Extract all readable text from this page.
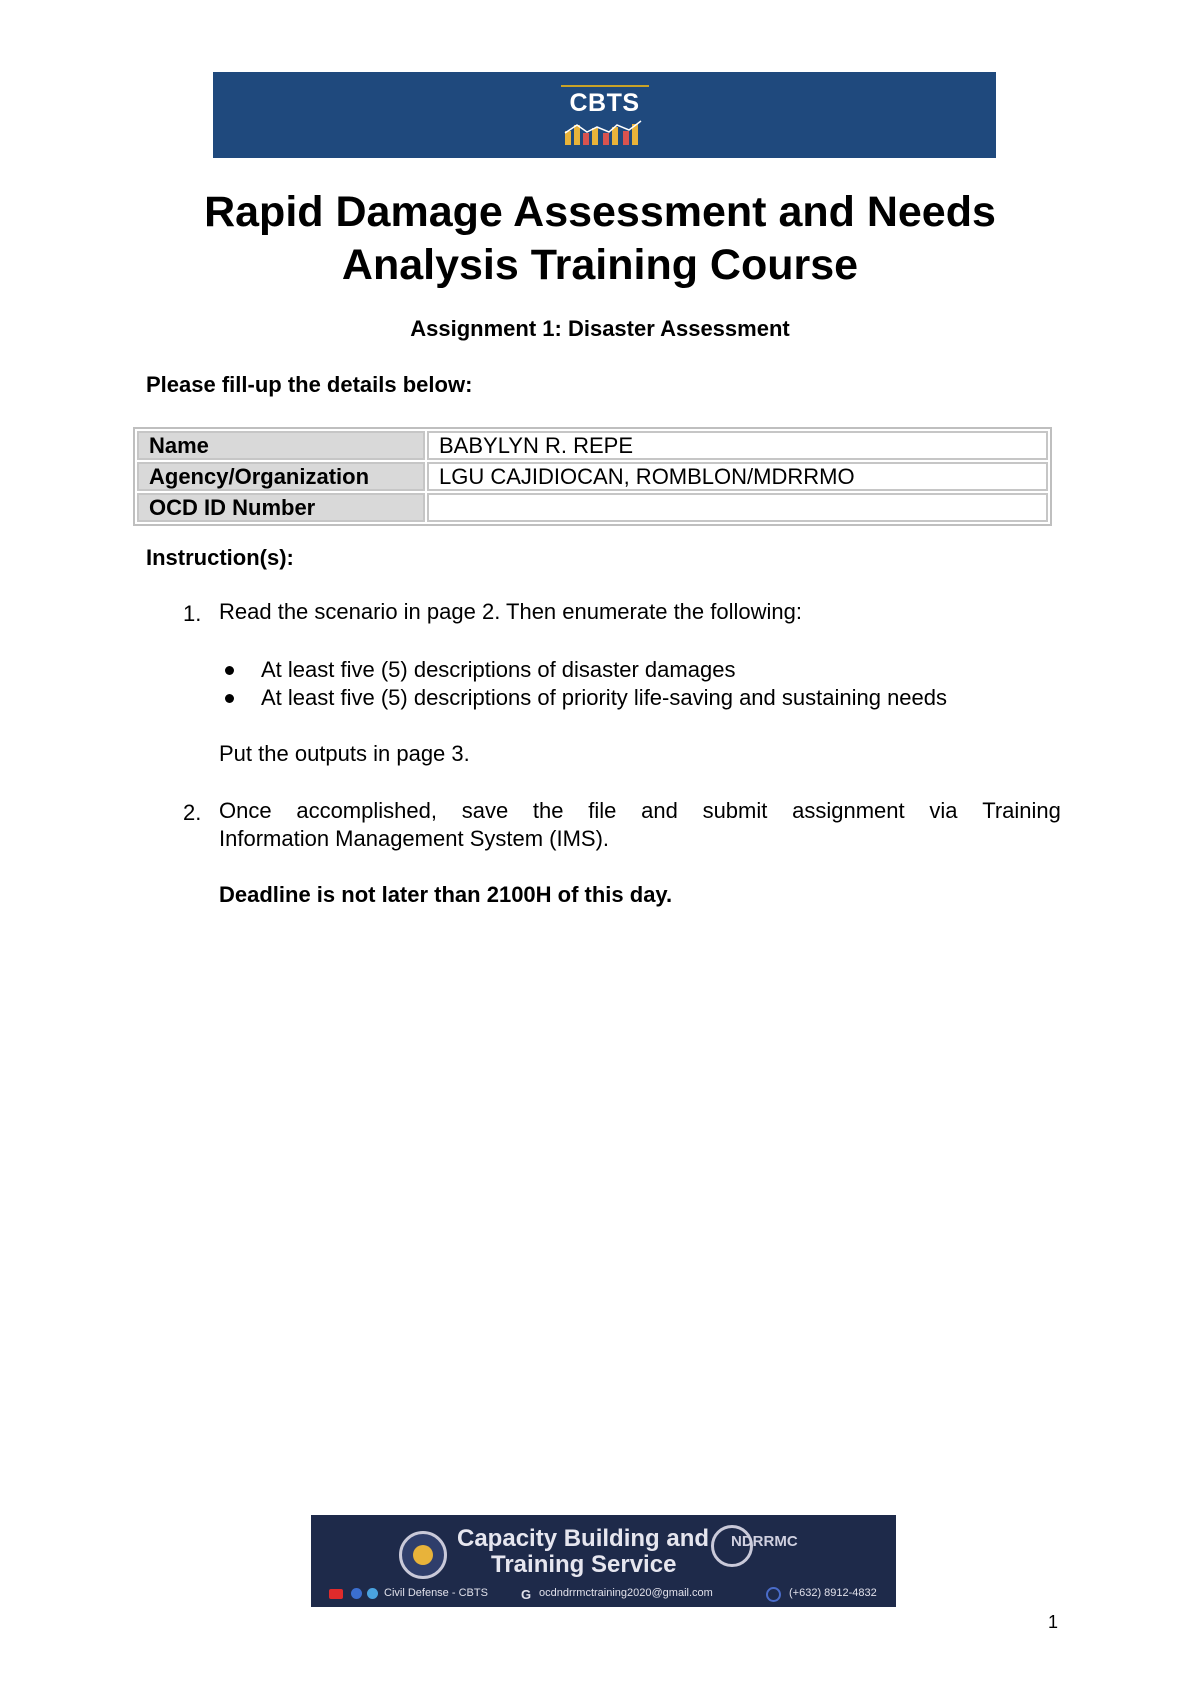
CBTS
Rapid Damage Assessment and Needs
Analysis Training Course
Assignment 1: Disaster Assessment
Please fill-up the details below:
Name	BABYLYN R. REPE
Agency/Organization	LGU CAJIDIOCAN, ROMBLON/MDRRMO
OCD ID Number	
Instruction(s):
1. Read the scenario in page 2. Then enumerate the following:
At least five (5) descriptions of disaster damages
At least five (5) descriptions of priority life-saving and sustaining needs
Put the outputs in page 3.
2. Once accomplished, save the file and submit assignment via Training
Information Management System (IMS).
Deadline is not later than 2100H of this day.
Capacity Building and
Training Service
NDRRMC
Civil Defense - CBTS	G ocdndrrmctraining2020@gmail.com	(+632) 8912-4832
1
